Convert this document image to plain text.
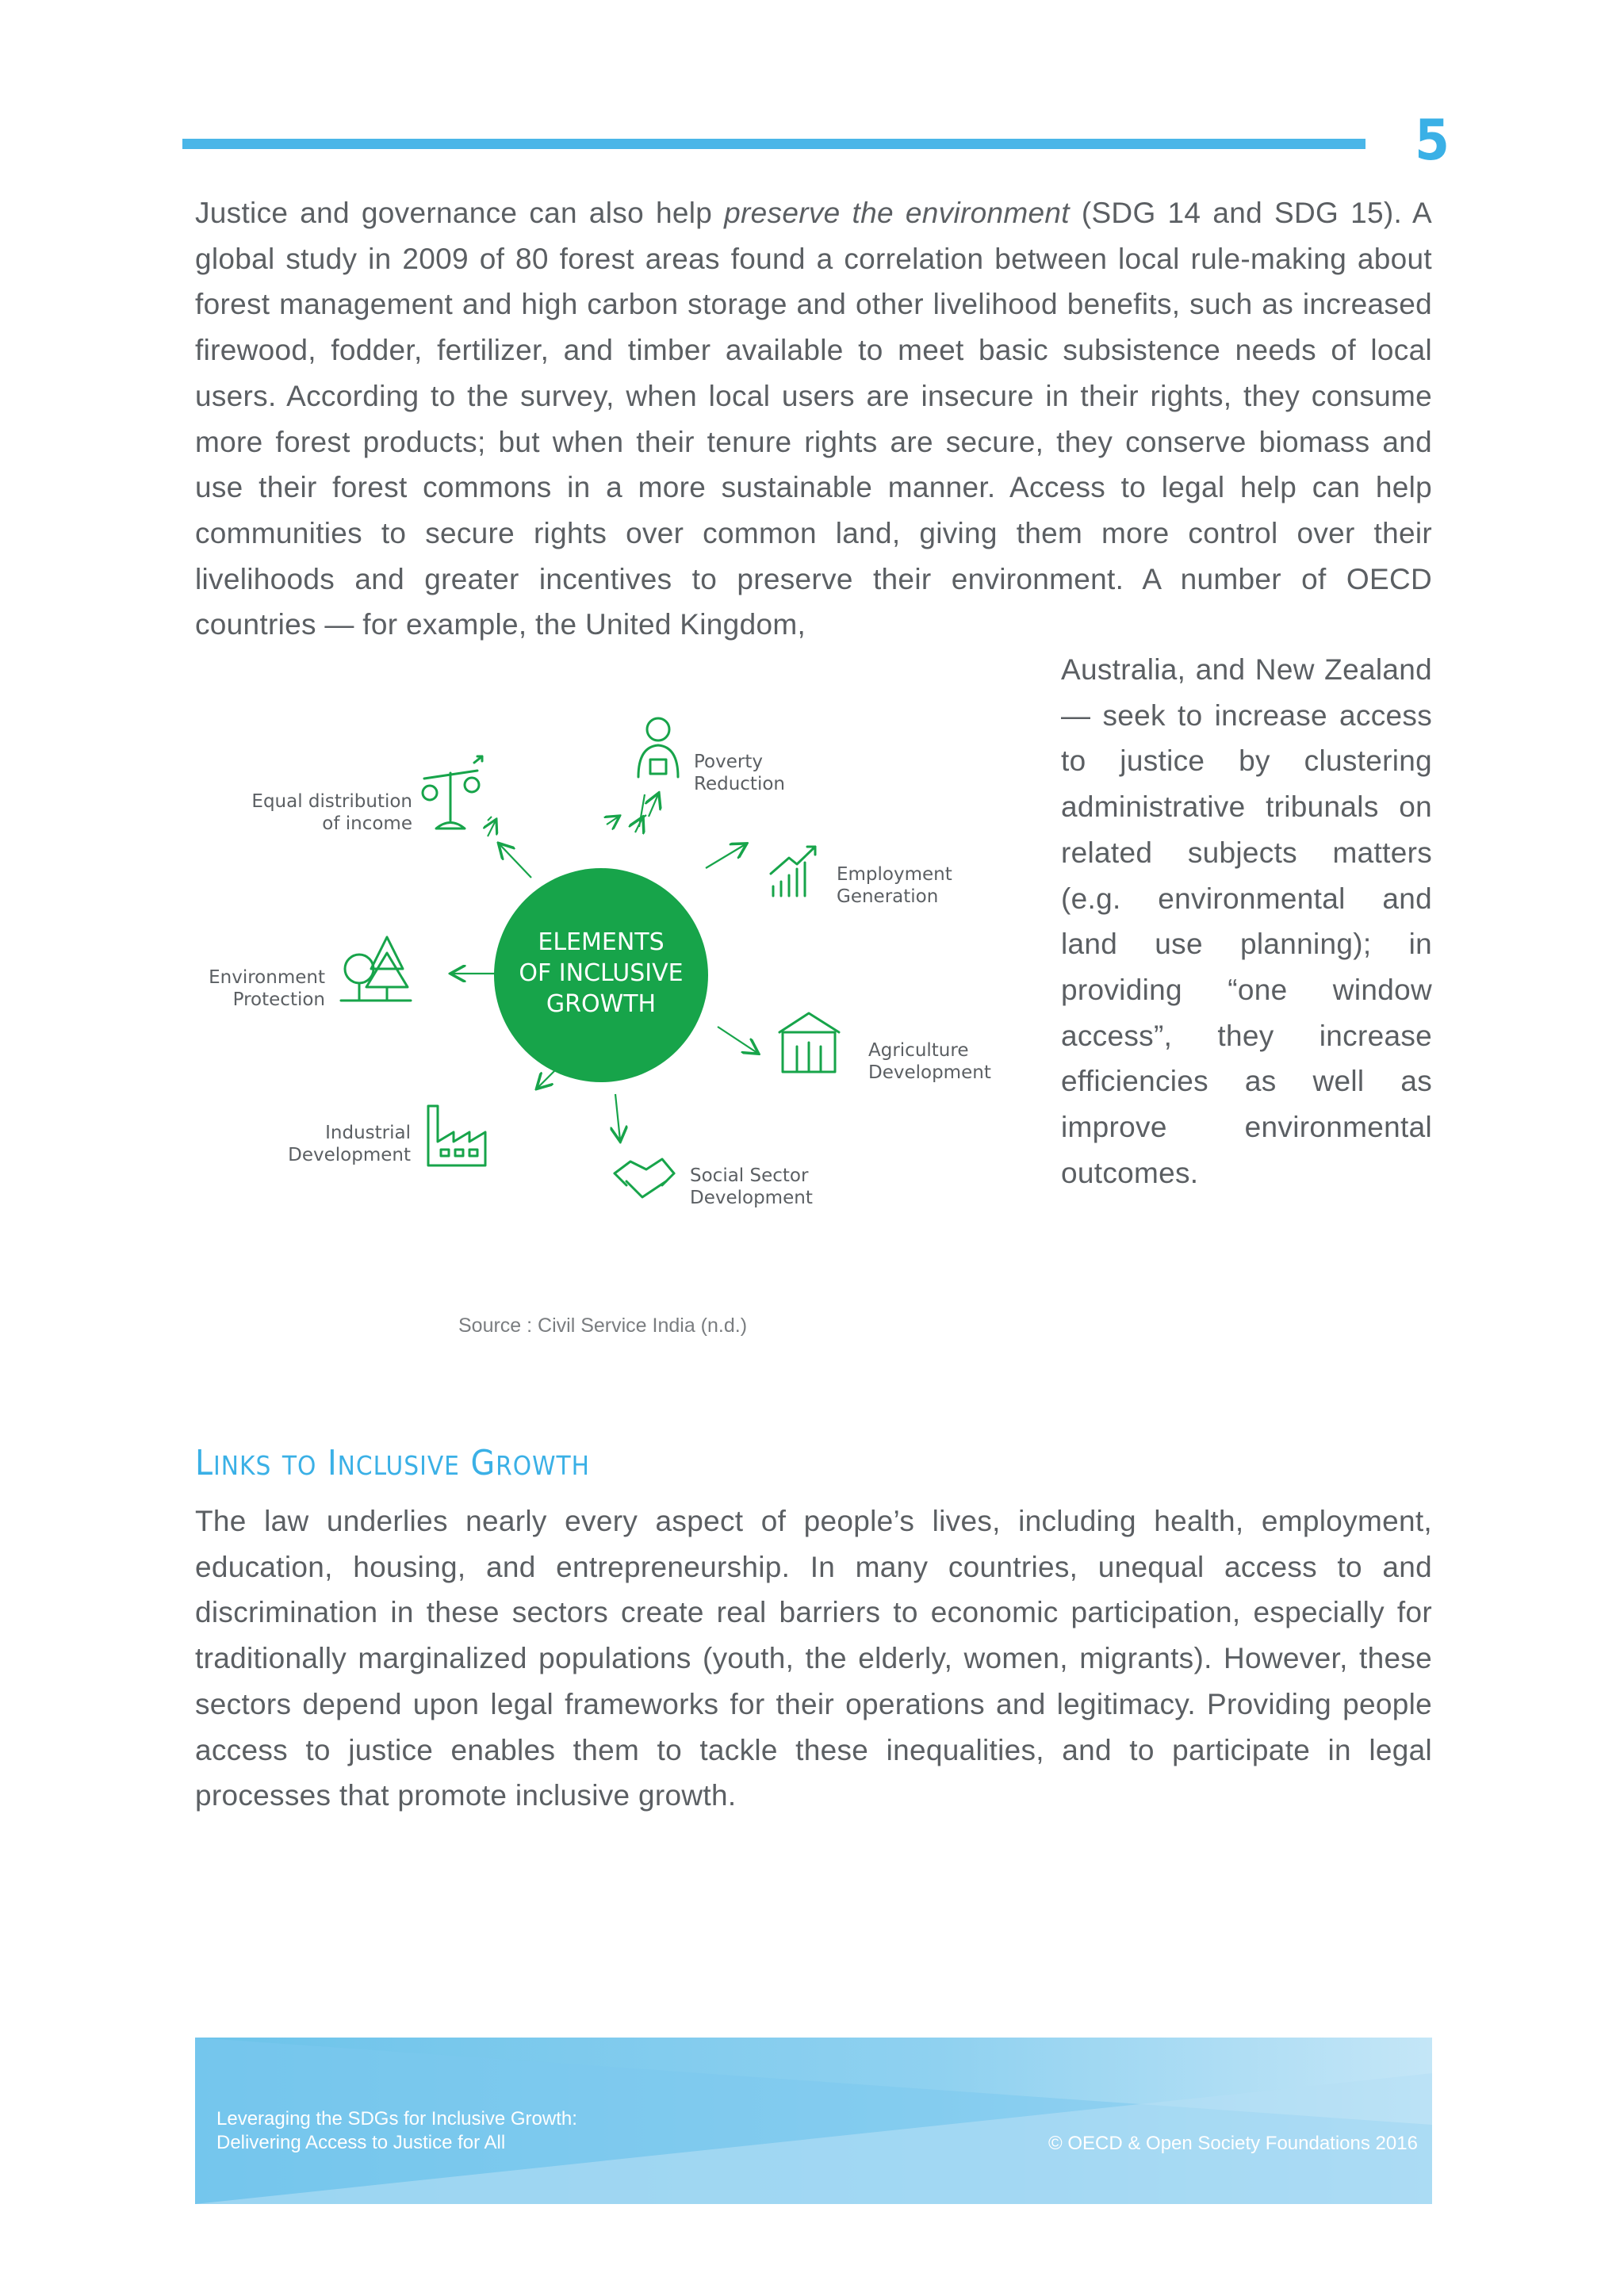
5

Justice and governance can also help preserve the environment (SDG 14 and SDG 15). A global study in 2009 of 80 forest areas found a correlation between local rule-making about forest management and high carbon storage and other livelihood benefits, such as increased firewood, fodder, fertilizer, and timber available to meet basic subsistence needs of local users. According to the survey, when local users are insecure in their rights, they consume more forest products; but when their tenure rights are secure, they conserve biomass and use their forest commons in a more sustainable manner. Access to legal help can help communities to secure rights over common land, giving them more control over their livelihoods and greater incentives to preserve their environment. A number of OECD countries — for example, the United Kingdom,

Australia, and New Zealand — seek to increase access to justice by clustering administrative tribunals on related subjects matters (e.g. environmental and land use planning); in providing “one window access”, they increase efficiencies as well as improve environmental outcomes.

ELEMENTS
OF INCLUSIVE
GROWTH
Poverty
Reduction
Employment
Generation
Agriculture
Development
Social Sector
Development
Equal distribution
of income
Environment
Protection
Industrial
Development
Source : Civil Service India (n.d.)
LINKS TO INCLUSIVE GROWTH

The law underlies nearly every aspect of people’s lives, including health, employment, education, housing, and entrepreneurship. In many countries, unequal access to and discrimination in these sectors create real barriers to economic participation, especially for traditionally marginalized populations (youth, the elderly, women, migrants). However, these sectors depend upon legal frameworks for their operations and legitimacy. Providing people access to justice enables them to tackle these inequalities, and to participate in legal processes that promote inclusive growth.

Leveraging the SDGs for Inclusive Growth:
Delivering Access to Justice for All	© OECD & Open Society Foundations 2016
